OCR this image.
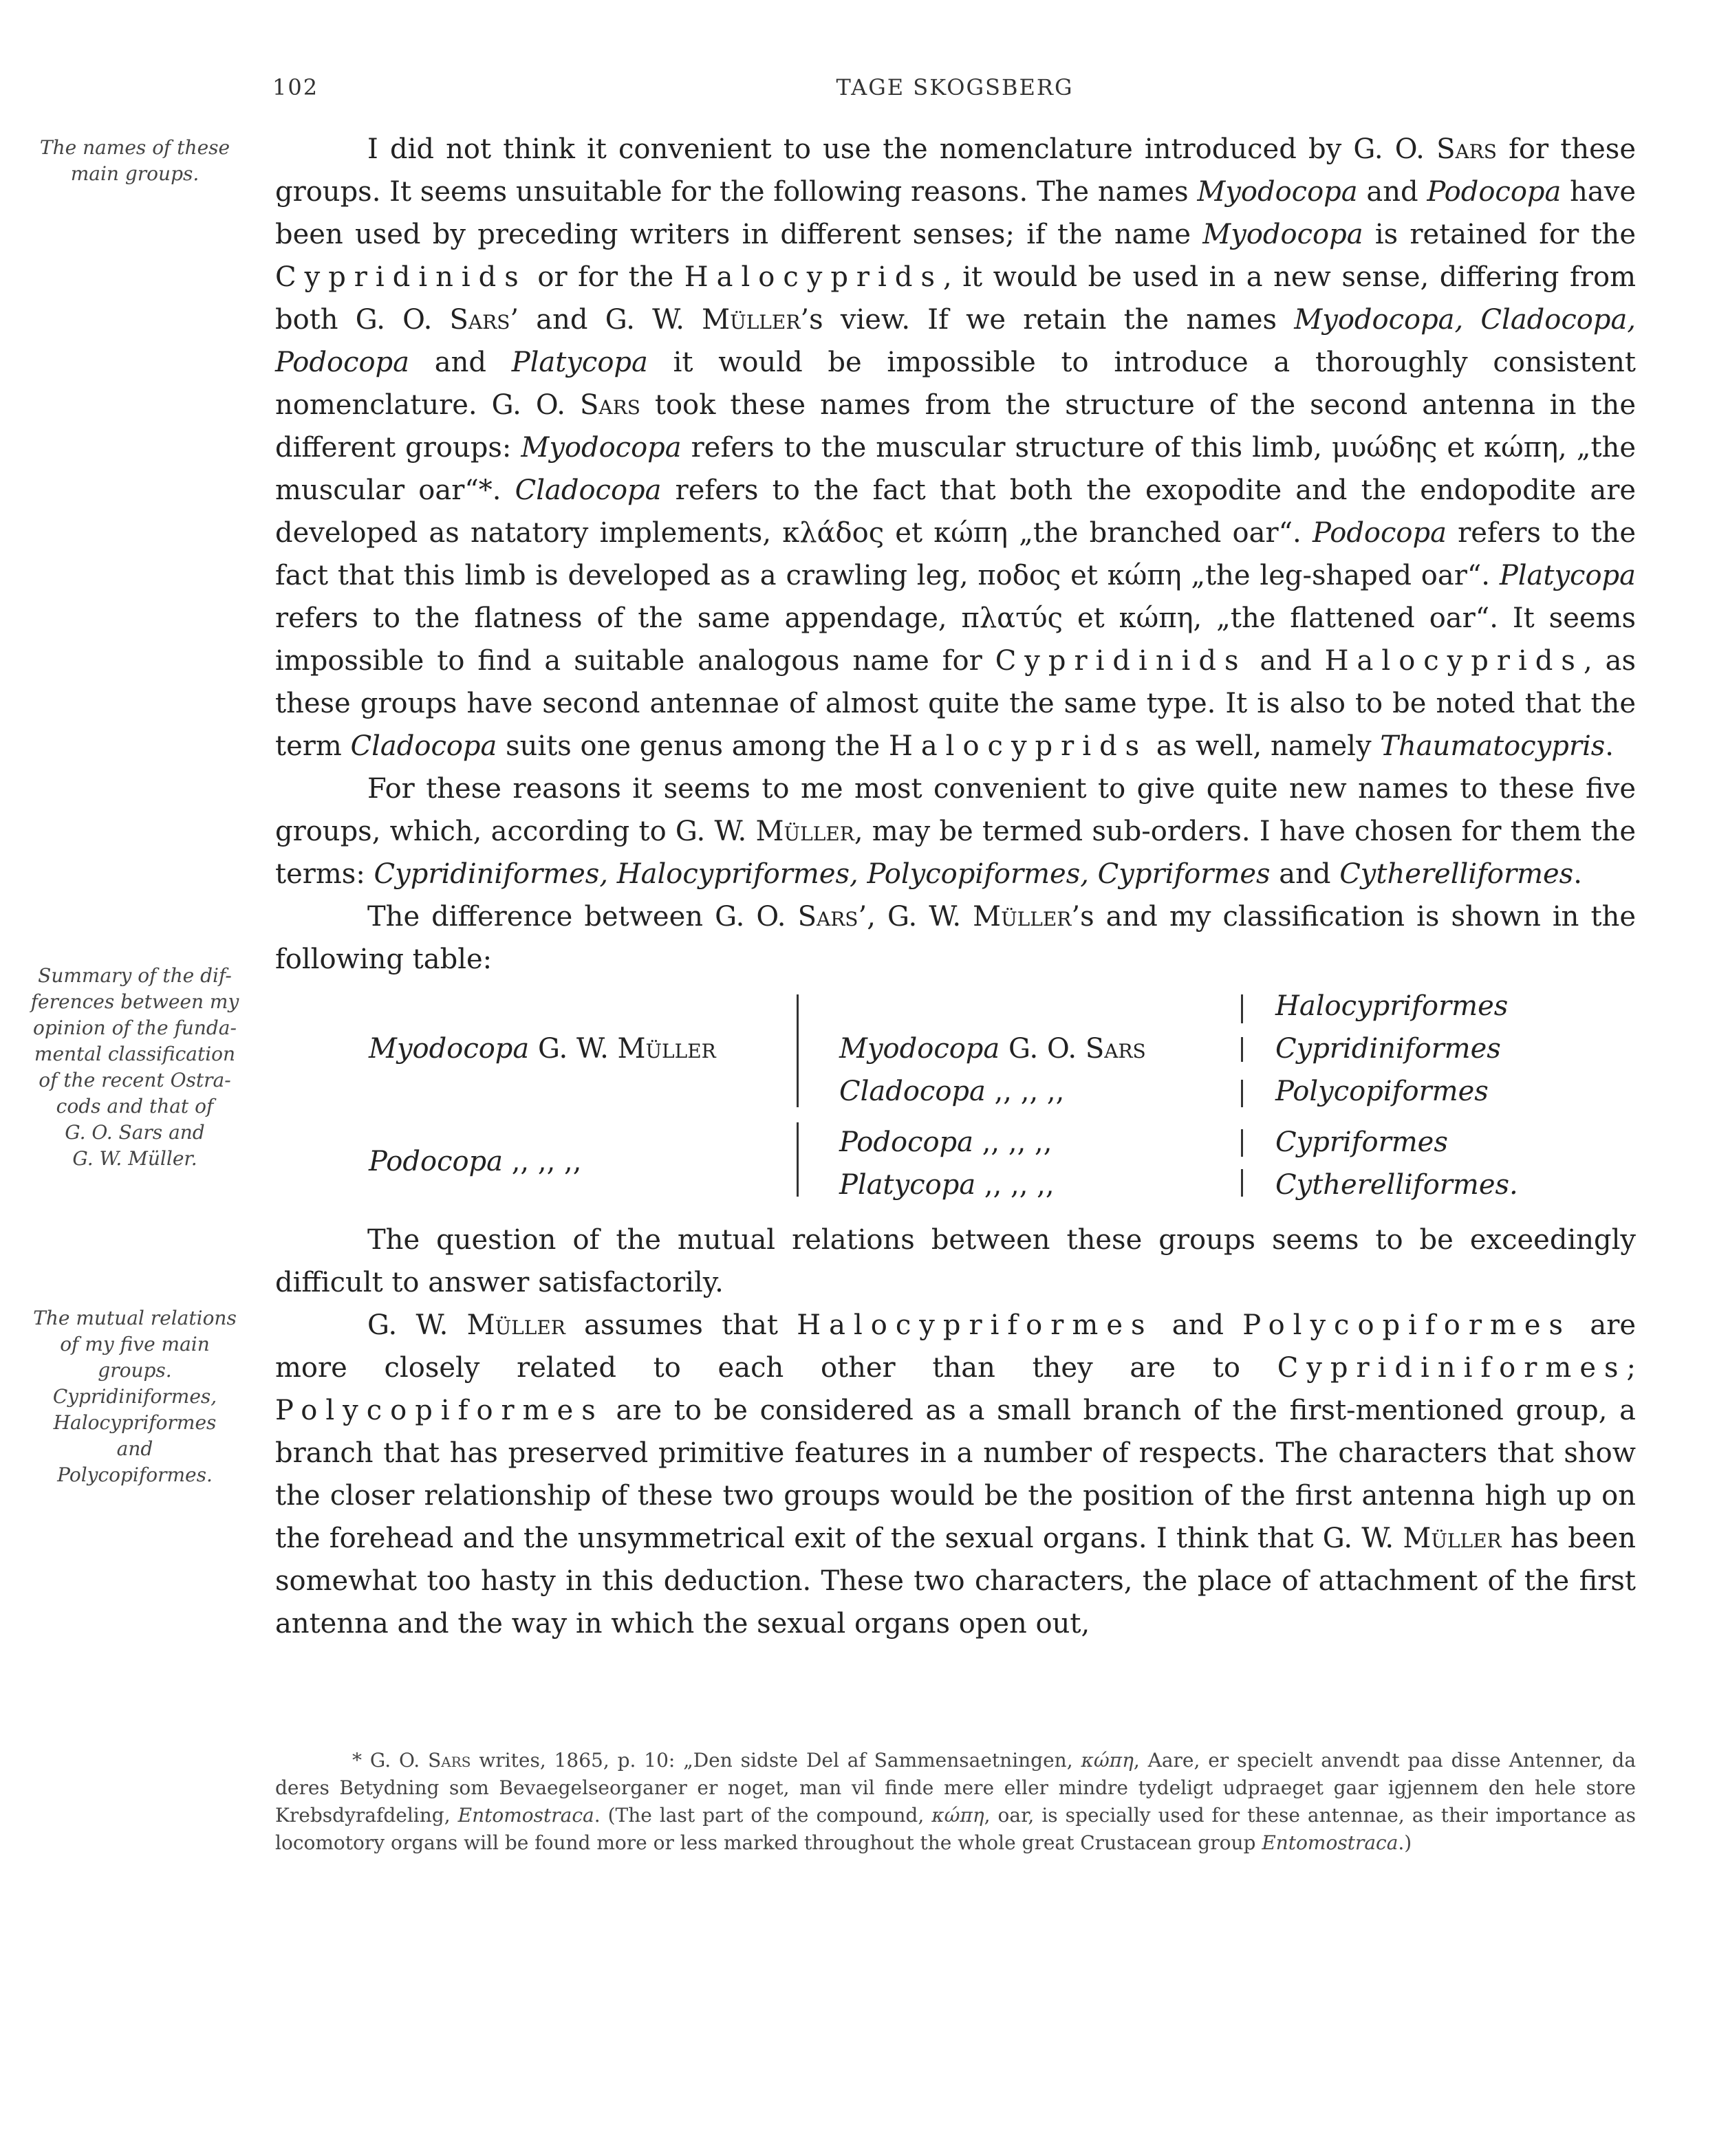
102	TAGE SKOGSBERG
The names of these
main groups.
Summary of the dif-
ferences between my
opinion of the funda-
mental classification
of the recent Ostra-
cods and that of
G. O. Sars and
G. W. Müller.
The mutual relations
of my five main
groups.
Cypridiniformes,
Halocypriformes
and
Polycopiformes.

I did not think it convenient to use the nomenclature introduced by G. O. Sars for these groups. It seems unsuitable for the following reasons. The names Myodocopa and Podocopa have been used by preceding writers in different senses; if the name Myodocopa is retained for the Cypridinids or for the Halocyprids, it would be used in a new sense, differing from both G. O. Sars’ and G. W. Müller’s view. If we retain the names Myodocopa, Cladocopa, Podocopa and Platycopa it would be impossible to introduce a thoroughly consistent nomenclature. G. O. Sars took these names from the structure of the second antenna in the different groups: Myodocopa refers to the muscular structure of this limb, μυώδης et κώπη, „the muscular oar“*. Cladocopa refers to the fact that both the exopodite and the endopodite are developed as natatory implements, κλάδος et κώπη „the branched oar“. Podocopa refers to the fact that this limb is developed as a crawling leg, ποδος et κώπη „the leg-shaped oar“. Platycopa refers to the flatness of the same appendage, πλατύς et κώπη, „the flattened oar“. It seems impossible to find a suitable analogous name for Cypridinids and Halocyprids, as these groups have second antennae of almost quite the same type. It is also to be noted that the term Cladocopa suits one genus among the Halocyprids as well, namely Thaumatocypris.

For these reasons it seems to me most convenient to give quite new names to these five groups, which, according to G. W. Müller, may be termed sub-orders. I have chosen for them the terms: Cypridiniformes, Halocypriformes, Polycopiformes, Cypriformes and Cytherelliformes.

The difference between G. O. Sars’, G. W. Müller’s and my classification is shown in the following table:

Myodocopa G. W. Müller
Podocopa ,, ,, ,,
Myodocopa G. O. Sars
Cladocopa ,, ,, ,,
Podocopa ,, ,, ,,
Platycopa ,, ,, ,,
Halocypriformes
Cypridiniformes
Polycopiformes
Cypriformes
Cytherelliformes.

The question of the mutual relations between these groups seems to be exceedingly difficult to answer satisfactorily.

G. W. Müller assumes that Halocypriformes and Polycopiformes are more closely related to each other than they are to Cypridiniformes; Polycopiformes are to be considered as a small branch of the first-mentioned group, a branch that has preserved primitive features in a number of respects. The characters that show the closer relationship of these two groups would be the position of the first antenna high up on the forehead and the unsymmetrical exit of the sexual organs. I think that G. W. Müller has been somewhat too hasty in this deduction. These two characters, the place of attachment of the first antenna and the way in which the sexual organs open out,

* G. O. Sars writes, 1865, p. 10: „Den sidste Del af Sammensaetningen, κώπη, Aare, er specielt anvendt paa disse Antenner, da deres Betydning som Bevaegelseorganer er noget, man vil finde mere eller mindre tydeligt udpraeget gaar igjennem den hele store Krebsdyrafdeling, Entomostraca. (The last part of the compound, κώπη, oar, is specially used for these antennae, as their importance as locomotory organs will be found more or less marked throughout the whole great Crustacean group Entomostraca.)
